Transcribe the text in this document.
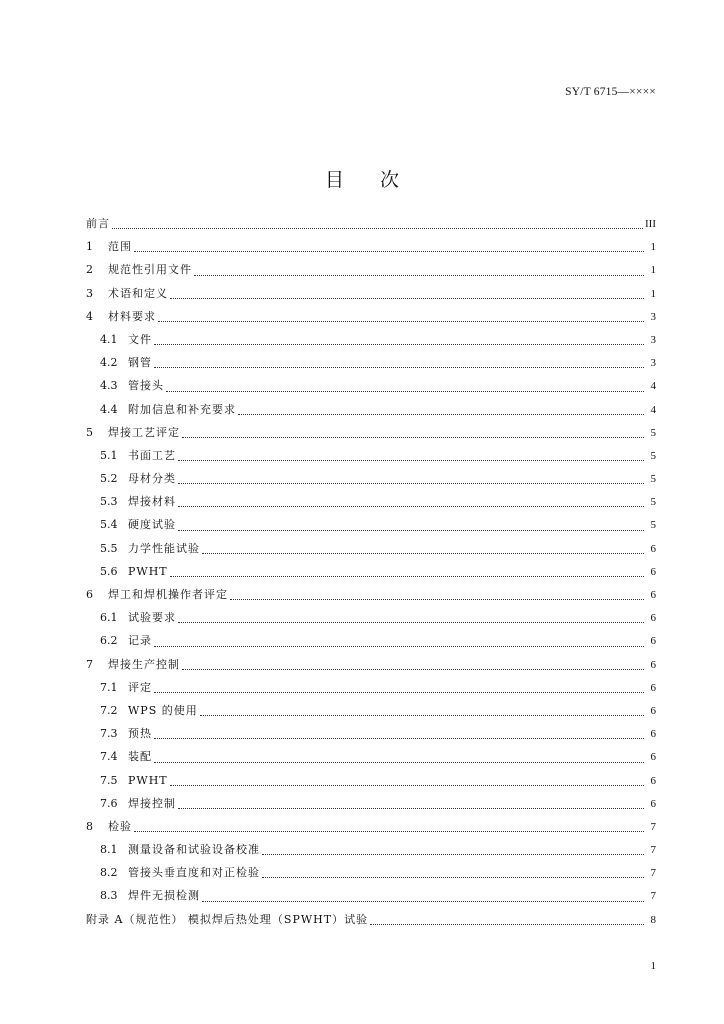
SY/T 6715—××××
目次
前言	III
1	范围	1
2	规范性引用文件	1
3	术语和定义	1
4	材料要求	3
4.1 文件	3
4.2 钢管	3
4.3 管接头	4
4.4 附加信息和补充要求	4
5	焊接工艺评定	5
5.1 书面工艺	5
5.2 母材分类	5
5.3 焊接材料	5
5.4 硬度试验	5
5.5 力学性能试验	6
5.6 PWHT	6
6	焊工和焊机操作者评定	6
6.1 试验要求	6
6.2 记录	6
7	焊接生产控制	6
7.1 评定	6
7.2 WPS 的使用	6
7.3 预热	6
7.4 装配	6
7.5 PWHT	6
7.6 焊接控制	6
8	检验	7
8.1 测量设备和试验设备校准	7
8.2 管接头垂直度和对正检验	7
8.3 焊件无损检测	7
附录 A（规范性） 模拟焊后热处理（SPWHT）试验	8
1
